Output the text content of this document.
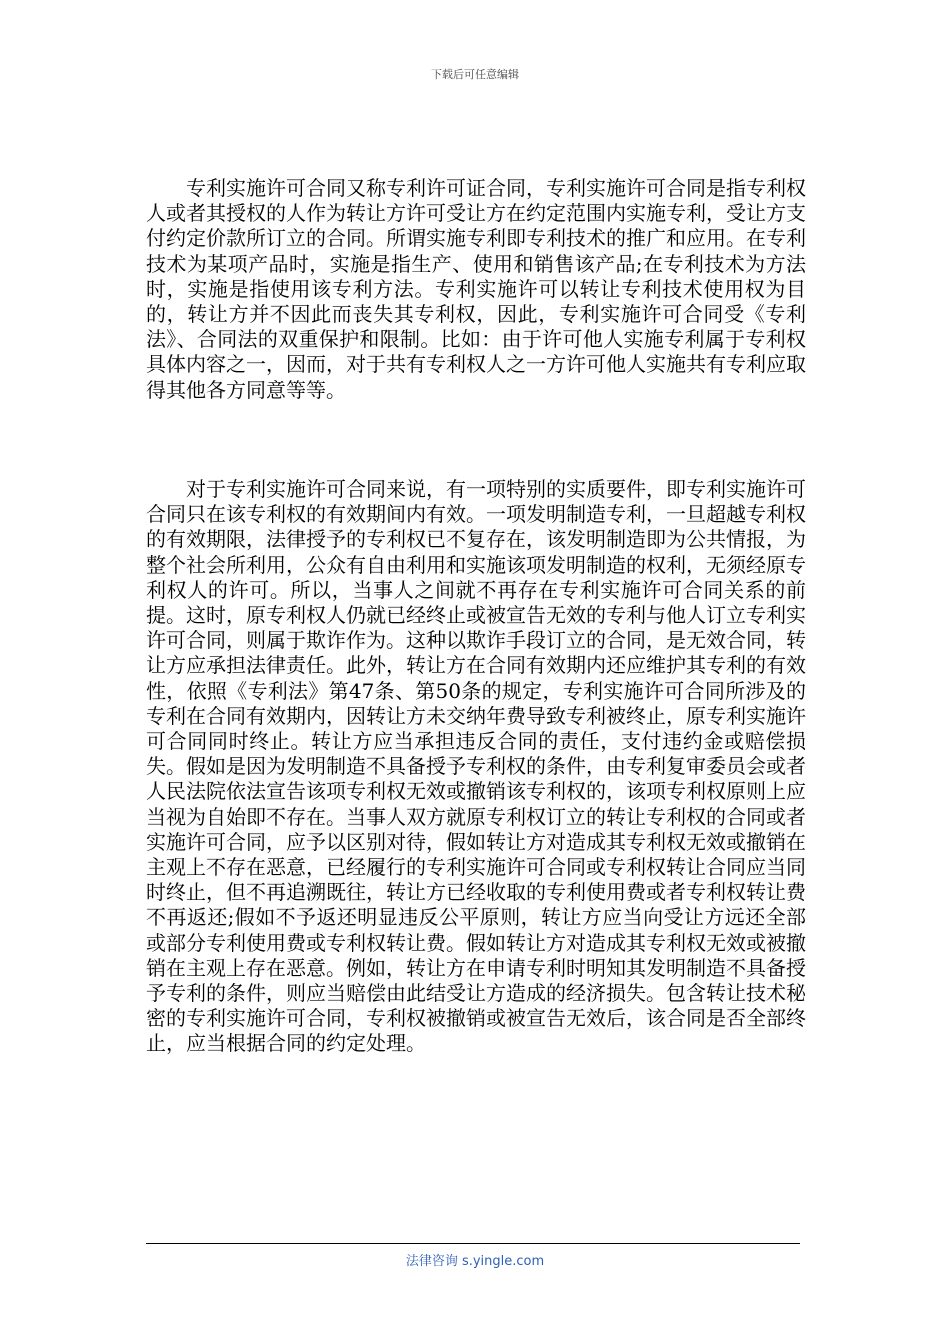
下载后可任意编辑

专利实施许可合同又称专利许可证合同，专利实施许可合同是指专利权人或者其授权的人作为转让方许可受让方在约定范围内实施专利，受让方支付约定价款所订立的合同。所谓实施专利即专利技术的推广和应用。在专利技术为某项产品时，实施是指生产、使用和销售该产品;在专利技术为方法时，实施是指使用该专利方法。专利实施许可以转让专利技术使用权为目的，转让方并不因此而丧失其专利权，因此，专利实施许可合同受《专利法》、合同法的双重保护和限制。比如：由于许可他人实施专利属于专利权具体内容之一，因而，对于共有专利权人之一方许可他人实施共有专利应取得其他各方同意等等。

对于专利实施许可合同来说，有一项特别的实质要件，即专利实施许可合同只在该专利权的有效期间内有效。一项发明制造专利，一旦超越专利权的有效期限，法律授予的专利权已不复存在，该发明制造即为公共情报，为整个社会所利用，公众有自由利用和实施该项发明制造的权利，无须经原专利权人的许可。所以，当事人之间就不再存在专利实施许可合同关系的前提。这时，原专利权人仍就已经终止或被宣告无效的专利与他人订立专利实许可合同，则属于欺诈作为。这种以欺诈手段订立的合同，是无效合同，转让方应承担法律责任。此外，转让方在合同有效期内还应维护其专利的有效性，依照《专利法》第47条、第50条的规定，专利实施许可合同所涉及的专利在合同有效期内，因转让方未交纳年费导致专利被终止，原专利实施许可合同同时终止。转让方应当承担违反合同的责任，支付违约金或赔偿损失。假如是因为发明制造不具备授予专利权的条件，由专利复审委员会或者人民法院依法宣告该项专利权无效或撤销该专利权的，该项专利权原则上应当视为自始即不存在。当事人双方就原专利权订立的转让专利权的合同或者实施许可合同，应予以区别对待，假如转让方对造成其专利权无效或撤销在主观上不存在恶意，已经履行的专利实施许可合同或专利权转让合同应当同时终止，但不再追溯既往，转让方已经收取的专利使用费或者专利权转让费不再返还;假如不予返还明显违反公平原则，转让方应当向受让方远还全部或部分专利使用费或专利权转让费。假如转让方对造成其专利权无效或被撤销在主观上存在恶意。例如，转让方在申请专利时明知其发明制造不具备授予专利的条件，则应当赔偿由此结受让方造成的经济损失。包含转让技术秘密的专利实施许可合同，专利权被撤销或被宣告无效后，该合同是否全部终止，应当根据合同的约定处理。

法律咨询 s.yingle.com
